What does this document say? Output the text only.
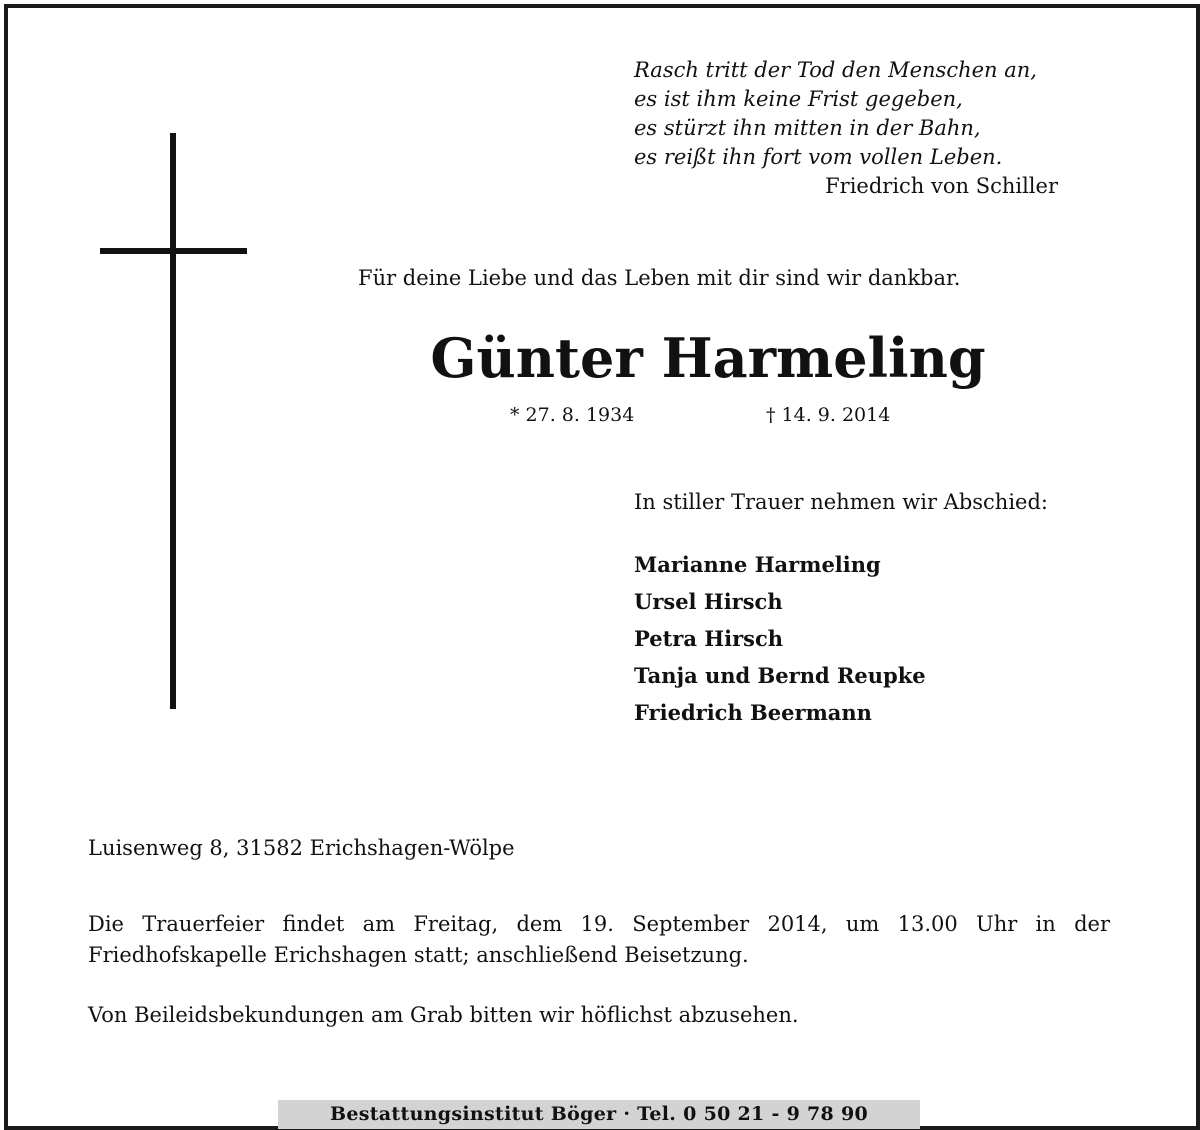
Rasch tritt der Tod den Menschen an,
es ist ihm keine Frist gegeben,
es stürzt ihn mitten in der Bahn,
es reißt ihn fort vom vollen Leben.
Friedrich von Schiller
Für deine Liebe und das Leben mit dir sind wir dankbar.
Günter Harmeling
* 27. 8. 1934	† 14. 9. 2014
In stiller Trauer nehmen wir Abschied:
Marianne Harmeling
Ursel Hirsch
Petra Hirsch
Tanja und Bernd Reupke
Friedrich Beermann
Luisenweg 8, 31582 Erichshagen-Wölpe

Die Trauerfeier findet am Freitag, dem 19. September 2014, um 13.00 Uhr in der Friedhofskapelle Erichshagen statt; anschließend Beisetzung.

Von Beileidsbekundungen am Grab bitten wir höflichst abzusehen.
Bestattungsinstitut Böger · Tel. 0 50 21 - 9 78 90
